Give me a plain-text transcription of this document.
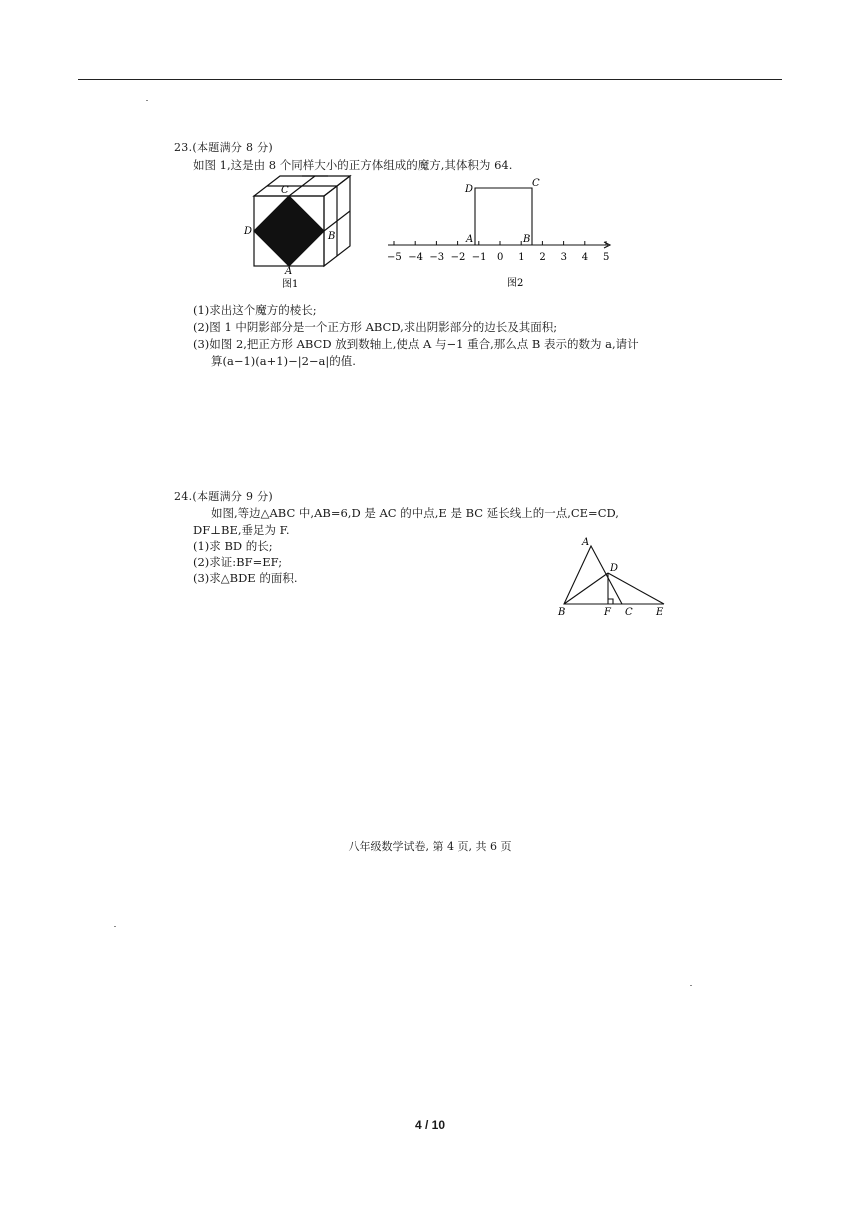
23.(本题满分 8 分)
如图 1,这是由 8 个同样大小的正方体组成的魔方,其体积为 64.
C
D	B
A
图1
−5 −4 −3 −2 −1 0 1 2 3 4 5
D
C
A	B
图2
(1)求出这个魔方的棱长;
(2)图 1 中阴影部分是一个正方形 ABCD,求出阴影部分的边长及其面积;
(3)如图 2,把正方形 ABCD 放到数轴上,使点 A 与−1 重合,那么点 B 表示的数为 a,请计
算(a−1)(a+1)−|2−a|的值.
24.(本题满分 9 分)
如图,等边△ABC 中,AB=6,D 是 AC 的中点,E 是 BC 延长线上的一点,CE=CD,
DF⊥BE,垂足为 F.
(1)求 BD 的长;
(2)求证:BF=EF;
(3)求△BDE 的面积.
A
D
B	F C E
八年级数学试卷, 第 4 页, 共 6 页
4 / 10
